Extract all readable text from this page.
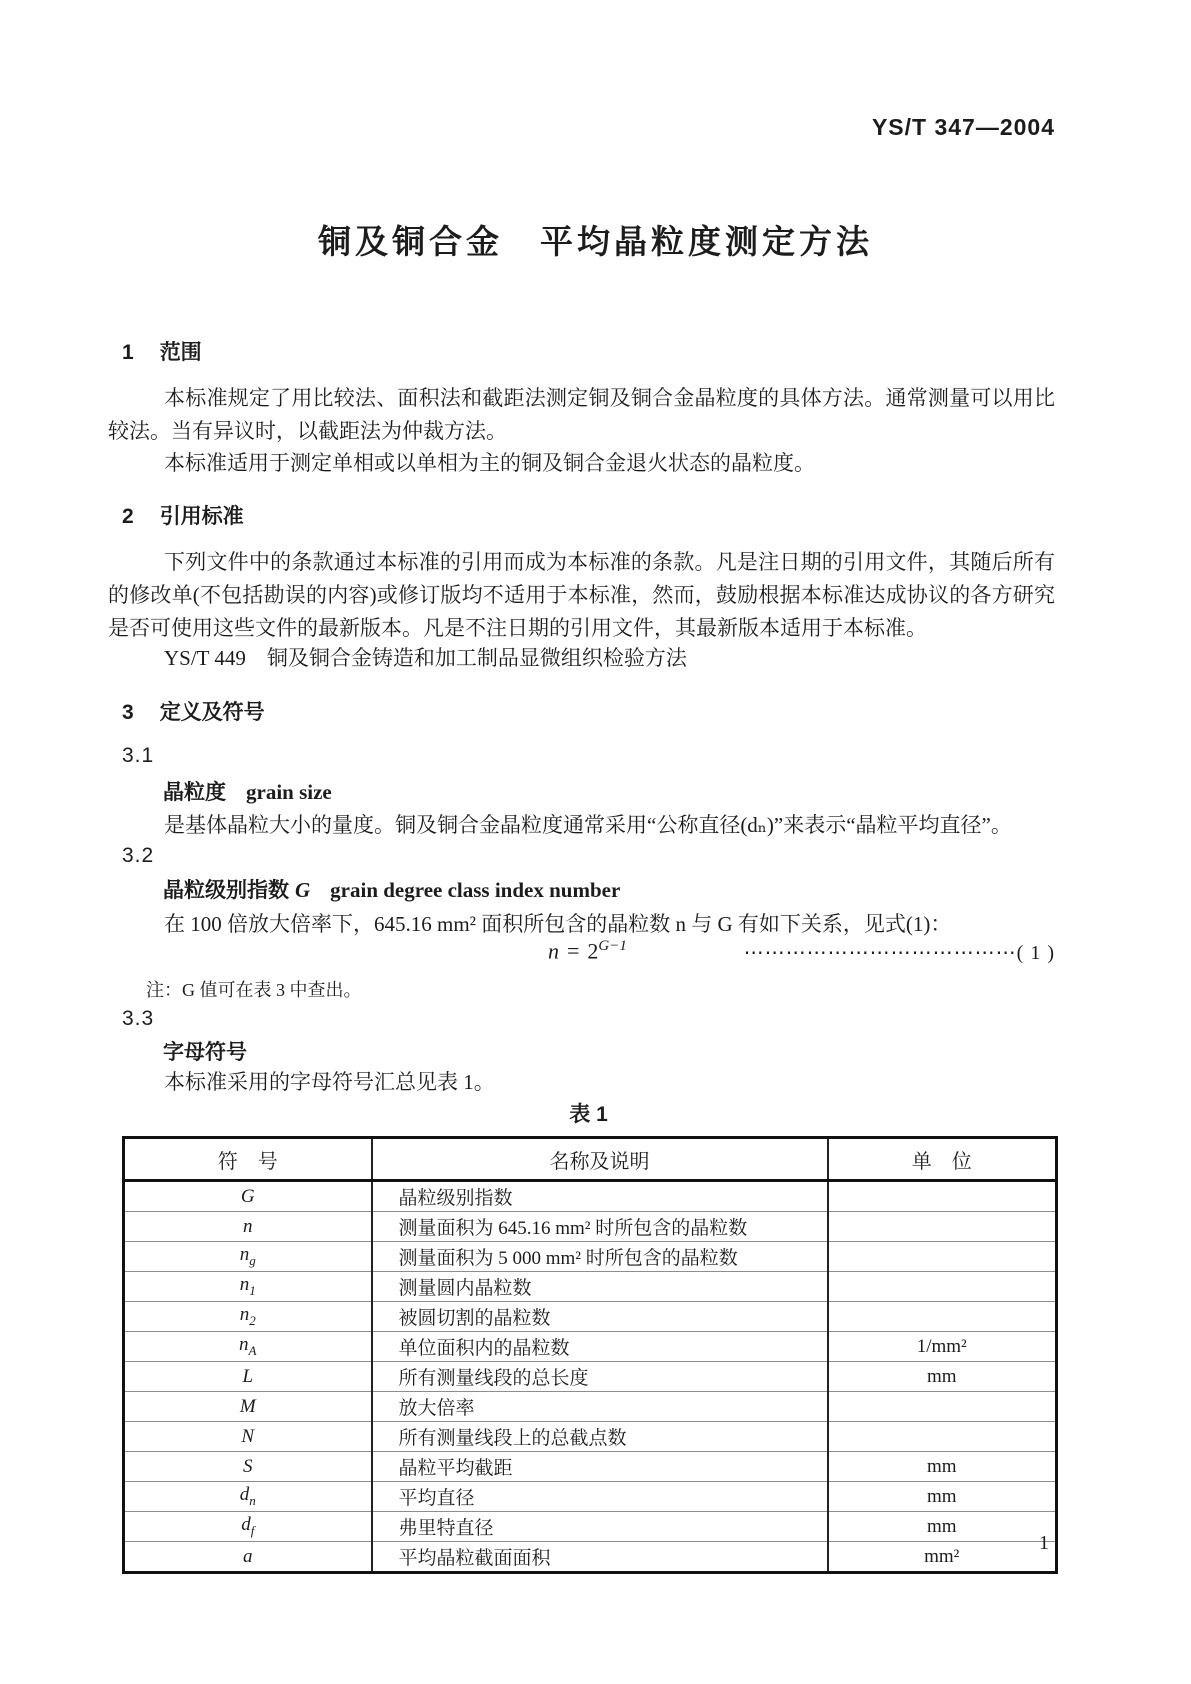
YS/T 347—2004
铜及铜合金　平均晶粒度测定方法
1 范围
本标准规定了用比较法、面积法和截距法测定铜及铜合金晶粒度的具体方法。通常测量可以用比较法。当有异议时，以截距法为仲裁方法。
本标准适用于测定单相或以单相为主的铜及铜合金退火状态的晶粒度。
2 引用标准
下列文件中的条款通过本标准的引用而成为本标准的条款。凡是注日期的引用文件，其随后所有的修改单(不包括勘误的内容)或修订版均不适用于本标准，然而，鼓励根据本标准达成协议的各方研究是否可使用这些文件的最新版本。凡是不注日期的引用文件，其最新版本适用于本标准。
YS/T 449　铜及铜合金铸造和加工制品显微组织检验方法
3 定义及符号
3.1
晶粒度 grain size
是基体晶粒大小的量度。铜及铜合金晶粒度通常采用“公称直径(dₙ)”来表示“晶粒平均直径”。
3.2
晶粒级别指数 G grain degree class index number
在 100 倍放大倍率下，645.16 mm² 面积所包含的晶粒数 n 与 G 有如下关系，见式(1)：
$n = 2^{G-1}$	⋯⋯⋯⋯⋯⋯⋯⋯⋯⋯⋯⋯⋯( 1 )
注：G 值可在表 3 中查出。
3.3
字母符号
本标准采用的字母符号汇总见表 1。
表 1
符　号	名称及说明	单　位
G	晶粒级别指数	
n	测量面积为 645.16 mm² 时所包含的晶粒数	
$n_g$	测量面积为 5 000 mm² 时所包含的晶粒数	
$n_1$	测量圆内晶粒数	
$n_2$	被圆切割的晶粒数	
$n_A$	单位面积内的晶粒数	1/mm²
L	所有测量线段的总长度	mm
M	放大倍率	
N	所有测量线段上的总截点数	
S	晶粒平均截距	mm
$d_n$	平均直径	mm
$d_f$	弗里特直径	mm
a	平均晶粒截面面积	mm²
1
